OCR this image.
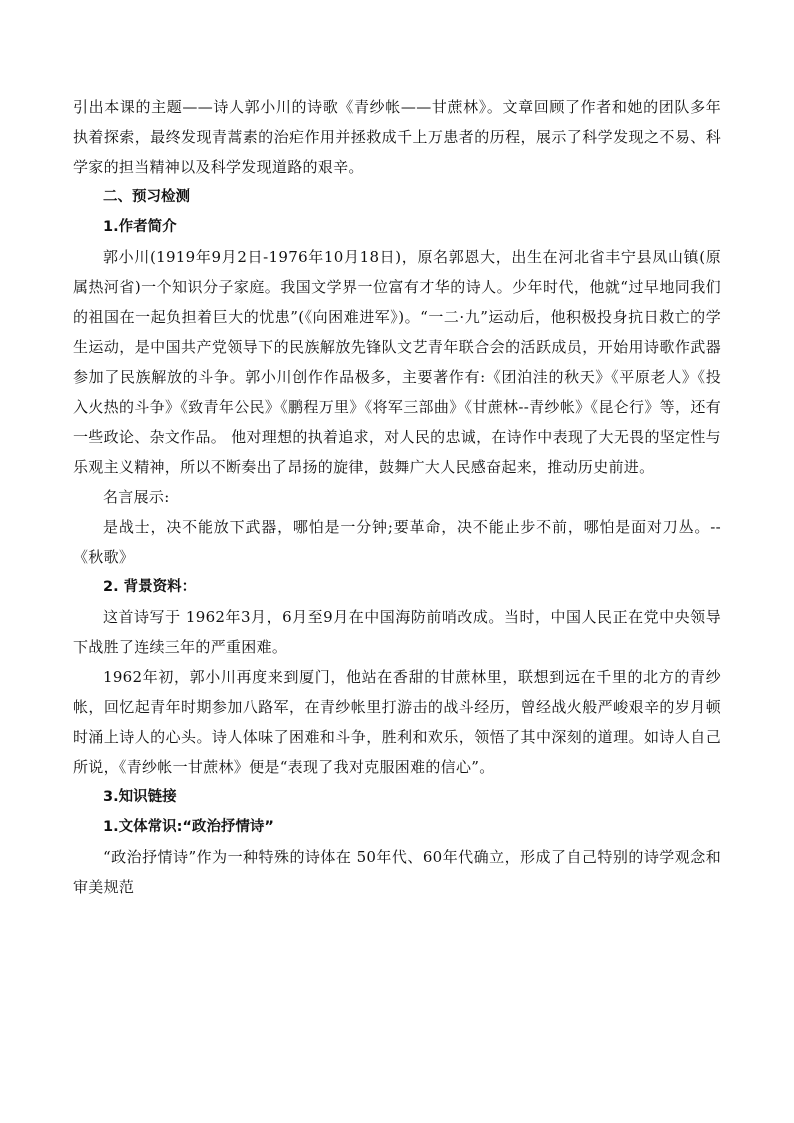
引出本课的主题——诗人郭小川的诗歌《青纱帐——甘蔗林》。文章回顾了作者和她的团队多年执着探索，最终发现青蒿素的治疟作用并拯救成千上万患者的历程，展示了科学发现之不易、科学家的担当精神以及科学发现道路的艰辛。

二、预习检测

1.作者简介

郭小川(1919年9月2日-1976年10月18日)，原名郭恩大，出生在河北省丰宁县凤山镇(原属热河省)一个知识分子家庭。我国文学界一位富有才华的诗人。少年时代，他就“过早地同我们的祖国在一起负担着巨大的忧患”(《向困难进军》)。“一二·九”运动后，他积极投身抗日救亡的学生运动，是中国共产党领导下的民族解放先锋队文艺青年联合会的活跃成员，开始用诗歌作武器参加了民族解放的斗争。郭小川创作作品极多，主要著作有:《团泊洼的秋天》《平原老人》《投入火热的斗争》《致青年公民》《鹏程万里》《将军三部曲》《甘蔗林--青纱帐》《昆仑行》等，还有一些政论、杂文作品。 他对理想的执着追求，对人民的忠诚，在诗作中表现了大无畏的坚定性与乐观主义精神，所以不断奏出了昂扬的旋律，鼓舞广大人民感奋起来，推动历史前进。

名言展示:

是战士，决不能放下武器，哪怕是一分钟;要革命，决不能止步不前，哪怕是面对刀丛。--《秋歌》

2. 背景资料：

这首诗写于 1962年3月，6月至9月在中国海防前哨改成。当时，中国人民正在党中央领导下战胜了连续三年的严重困难。

1962年初，郭小川再度来到厦门，他站在香甜的甘蔗林里，联想到远在千里的北方的青纱帐，回忆起青年时期参加八路军，在青纱帐里打游击的战斗经历，曾经战火般严峻艰辛的岁月顿时涌上诗人的心头。诗人体味了困难和斗争，胜利和欢乐，领悟了其中深刻的道理。如诗人自己所说，《青纱帐一甘蔗林》便是“表现了我对克服困难的信心”。

3.知识链接

1.文体常识:“政治抒情诗”

“政治抒情诗”作为一种特殊的诗体在 50年代、60年代确立，形成了自己特别的诗学观念和审美规范
